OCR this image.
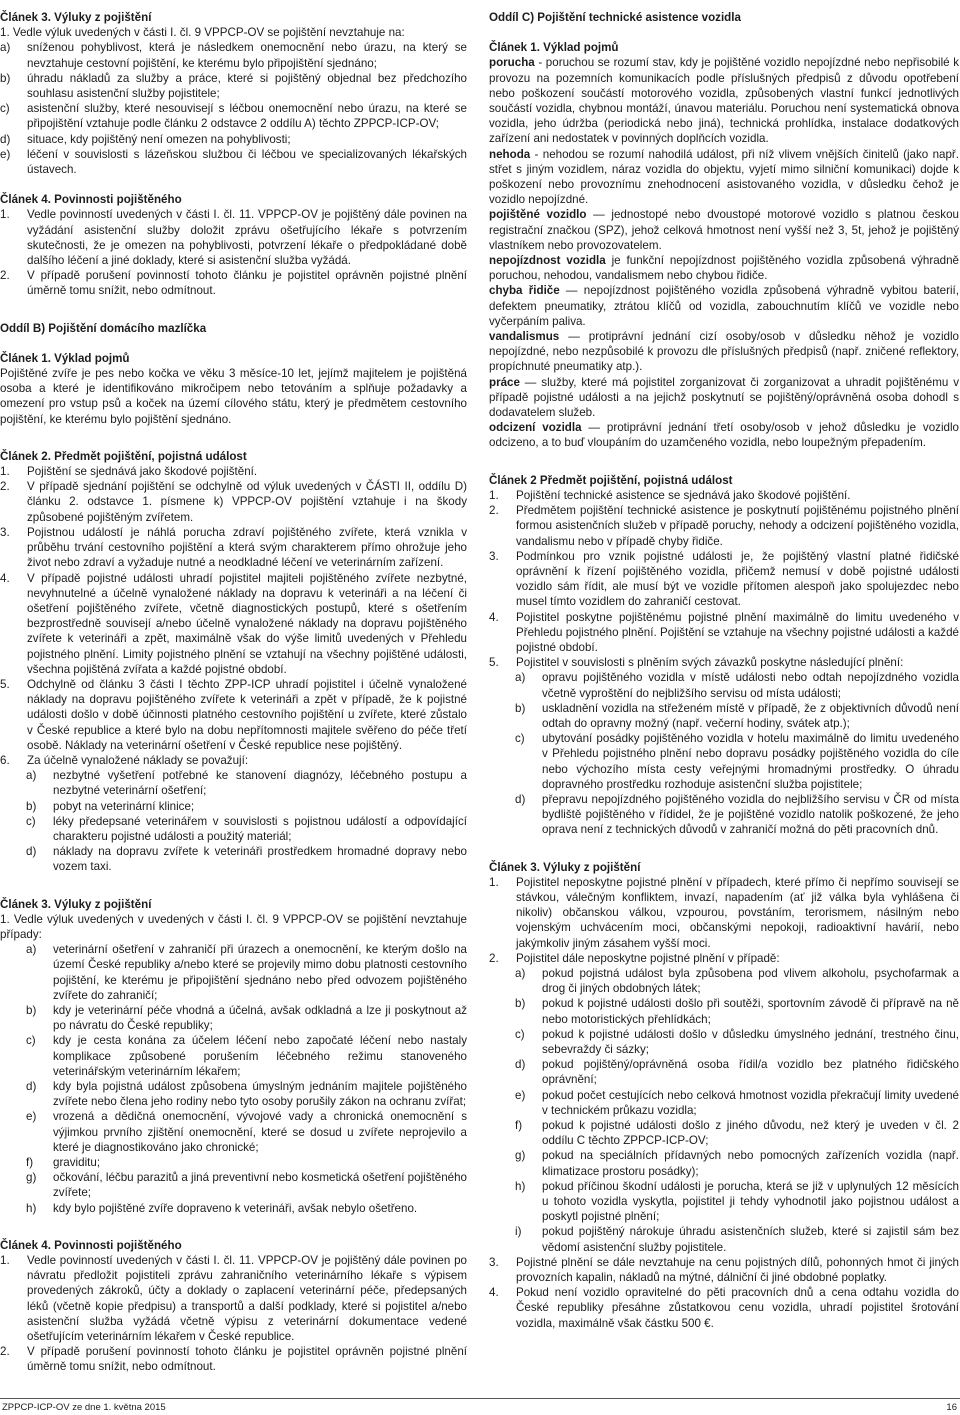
Článek 3. Výluky z pojištění

1. Vedle výluk uvedených v části I. čl. 9 VPPCP-OV se pojištění nevztahuje na:

a) sníženou pohyblivost, která je následkem onemocnění nebo úrazu, na který se nevztahuje cestovní pojištění, ke kterému bylo připojištění sjednáno;

b) úhradu nákladů za služby a práce, které si pojištěný objednal bez předchozího souhlasu asistenční služby pojistitele;

c) asistenční služby, které nesouvisejí s léčbou onemocnění nebo úrazu, na které se připojištění vztahuje podle článku 2 odstavce 2 oddílu A) těchto ZPPCP-ICP-OV;

d) situace, kdy pojištěný není omezen na pohyblivosti;

e) léčení v souvislosti s lázeňskou službou či léčbou ve specializovaných lékařských ústavech.

Článek 4. Povinnosti pojištěného

1. Vedle povinností uvedených v části I. čl. 11. VPPCP-OV je pojištěný dále povinen na vyžádání asistenční služby doložit zprávu ošetřujícího lékaře s potvrzením skutečnosti, že je omezen na pohyblivosti, potvrzení lékaře o předpokládané době dalšího léčení a jiné doklady, které si asistenční služba vyžádá.

2. V případě porušení povinností tohoto článku je pojistitel oprávněn pojistné plnění úměrně tomu snížit, nebo odmítnout.

Oddíl B) Pojištění domácího mazlíčka

Článek 1. Výklad pojmů

Pojištěné zvíře je pes nebo kočka ve věku 3 měsíce-10 let, jejímž majitelem je pojištěná osoba a které je identifikováno mikročipem nebo tetováním a splňuje požadavky a omezení pro vstup psů a koček na území cílového státu, který je předmětem cestovního pojištění, ke kterému bylo pojištění sjednáno.

Článek 2. Předmět pojištění, pojistná událost

1. Pojištění se sjednává jako škodové pojištění.

2. V případě sjednání pojištění se odchylně od výluk uvedených v ČÁSTI II, oddílu D) článku 2. odstavce 1. písmene k) VPPCP-OV pojištění vztahuje i na škody způsobené pojištěným zvířetem.

3. Pojistnou událostí je náhlá porucha zdraví pojištěného zvířete, která vznikla v průběhu trvání cestovního pojištění a která svým charakterem přímo ohrožuje jeho život nebo zdraví a vyžaduje nutné a neodkladné léčení ve veterinárním zařízení.

4. V případě pojistné události uhradí pojistitel majiteli pojištěného zvířete nezbytné, nevyhnutelné a účelně vynaložené náklady na dopravu k veterináři a na léčení či ošetření pojištěného zvířete, včetně diagnostických postupů, které s ošetřením bezprostředně souvisejí a/nebo účelně vynaložené náklady na dopravu pojištěného zvířete k veterináři a zpět, maximálně však do výše limitů uvedených v Přehledu pojistného plnění. Limity pojistného plnění se vztahují na všechny pojištěné události, všechna pojištěná zvířata a každé pojistné období.

5. Odchylně od článku 3 části I těchto ZPP-ICP uhradí pojistitel i účelně vynaložené náklady na dopravu pojištěného zvířete k veterináři a zpět v případě, že k pojistné události došlo v době účinnosti platného cestovního pojištění u zvířete, které zůstalo v České republice a které bylo na dobu nepřítomnosti majitele svěřeno do péče třetí osobě. Náklady na veterinární ošetření v České republice nese pojištěný.

6. Za účelně vynaložené náklady se považují:

a) nezbytné vyšetření potřebné ke stanovení diagnózy, léčebného postupu a nezbytné veterinární ošetření;

b) pobyt na veterinární klinice;

c) léky předepsané veterinářem v souvislosti s pojistnou událostí a odpovídající charakteru pojistné události a použitý materiál;

d) náklady na dopravu zvířete k veterináři prostředkem hromadné dopravy nebo vozem taxi.

Článek 3. Výluky z pojištění

1. Vedle výluk uvedených v uvedených v části I. čl. 9 VPPCP-OV se pojištění nevztahuje případy:

a) veterinární ošetření v zahraničí při úrazech a onemocnění, ke kterým došlo na území České republiky a/nebo které se projevily mimo dobu platnosti cestovního pojištění, ke kterému je připojištění sjednáno nebo před odvozem pojištěného zvířete do zahraničí;

b) kdy je veterinární péče vhodná a účelná, avšak odkladná a lze ji poskytnout až po návratu do České republiky;

c) kdy je cesta konána za účelem léčení nebo započaté léčení nebo nastaly komplikace způsobené porušením léčebného režimu stanoveného veterinářským veterinárním lékařem;

d) kdy byla pojistná událost způsobena úmyslným jednáním majitele pojištěného zvířete nebo člena jeho rodiny nebo tyto osoby porušily zákon na ochranu zvířat;

e) vrozená a dědičná onemocnění, vývojové vady a chronická onemocnění s výjimkou prvního zjištění onemocnění, které se dosud u zvířete neprojevilo a které je diagnostikováno jako chronické;

f) graviditu;

g) očkování, léčbu parazitů a jiná preventivní nebo kosmetická ošetření pojištěného zvířete;

h) kdy bylo pojištěné zvíře dopraveno k veterináři, avšak nebylo ošetřeno.

Článek 4. Povinnosti pojištěného

1. Vedle povinností uvedených v části I. čl. 11. VPPCP-OV je pojištěný dále povinen po návratu předložit pojistiteli zprávu zahraničního veterinárního lékaře s výpisem provedených zákroků, účty a doklady o zaplacení veterinární péče, předepsaných léků (včetně kopie předpisu) a transportů a další podklady, které si pojistitel a/nebo asistenční služba vyžádá včetně výpisu z veterinární dokumentace vedené ošetřujícím veterinárním lékařem v České republice.

2. V případě porušení povinností tohoto článku je pojistitel oprávněn pojistné plnění úměrně tomu snížit, nebo odmítnout.

Oddíl C) Pojištění technické asistence vozidla

Článek 1. Výklad pojmů

porucha - poruchou se rozumí stav, kdy je pojištěné vozidlo nepojízdné nebo nepřisobilé k provozu na pozemních komunikacích podle příslušných předpisů z důvodu opotřebení nebo poškození součástí motorového vozidla, způsobených vlastní funkcí jednotlivých součástí vozidla, chybnou montáží, únavou materiálu. Poruchou není systematická obnova vozidla, jeho údržba (periodická nebo jiná), technická prohlídka, instalace dodatkových zařízení ani nedostatek v povinných doplňcích vozidla.

nehoda - nehodou se rozumí nahodilá událost, při níž vlivem vnějších činitelů (jako např. střet s jiným vozidlem, náraz vozidla do objektu, vyjetí mimo silniční komunikaci) dojde k poškození nebo provoznímu znehodnocení asistovaného vozidla, v důsledku čehož je vozidlo nepojízdné.

pojištěné vozidlo — jednostopé nebo dvoustopé motorové vozidlo s platnou českou registrační značkou (SPZ), jehož celková hmotnost není vyšší než 3, 5t, jehož je pojištěný vlastníkem nebo provozovatelem.

nepojízdnost vozidla je funkční nepojízdnost pojištěného vozidla způsobená výhradně poruchou, nehodou, vandalismem nebo chybou řidiče.

chyba řidiče — nepojízdnost pojištěného vozidla způsobená výhradně vybitou baterií, defektem pneumatiky, ztrátou klíčů od vozidla, zabouchnutím klíčů ve vozidle nebo vyčerpáním paliva.

vandalismus — protiprávní jednání cizí osoby/osob v důsledku něhož je vozidlo nepojízdné, nebo nezpůsobilé k provozu dle příslušných předpisů (např. zničené reflektory, propíchnuté pneumatiky atp.).

práce — služby, které má pojistitel zorganizovat či zorganizovat a uhradit pojištěnému v případě pojistné události a na jejichž poskytnutí se pojištěný/oprávněná osoba dohodl s dodavatelem služeb.

odcizení vozidla — protiprávní jednání třetí osoby/osob v jehož důsledku je vozidlo odcizeno, a to buď vloupáním do uzamčeného vozidla, nebo loupežným přepadením.

Článek 2 Předmět pojištění, pojistná událost

1. Pojištění technické asistence se sjednává jako škodové pojištění.

2. Předmětem pojištění technické asistence je poskytnutí pojištěnému pojistného plnění formou asistenčních služeb v případě poruchy, nehody a odcizení pojištěného vozidla, vandalismu nebo v případě chyby řidiče.

3. Podmínkou pro vznik pojistné události je, že pojištěný vlastní platné řidičské oprávnění k řízení pojištěného vozidla, přičemž nemusí v době pojistné události vozidlo sám řídit, ale musí být ve vozidle přítomen alespoň jako spolujezdec nebo musel tímto vozidlem do zahraničí cestovat.

4. Pojistitel poskytne pojištěnému pojistné plnění maximálně do limitu uvedeného v Přehledu pojistného plnění. Pojištění se vztahuje na všechny pojistné události a každé pojistné období.

5. Pojistitel v souvislosti s plněním svých závazků poskytne následující plnění:

a) opravu pojištěného vozidla v místě události nebo odtah nepojízdného vozidla včetně vyproštění do nejbližšího servisu od místa události;

b) uskladnění vozidla na střeženém místě v případě, že z objektivních důvodů není odtah do opravny možný (např. večerní hodiny, svátek atp.);

c) ubytování posádky pojištěného vozidla v hotelu maximálně do limitu uvedeného v Přehledu pojistného plnění nebo dopravu posádky pojištěného vozidla do cíle nebo výchozího místa cesty veřejnými hromadnými prostředky. O úhradu dopravného prostředku rozhoduje asistenční služba pojistitele;

d) přepravu nepojízdného pojištěného vozidla do nejbližšího servisu v ČR od místa bydliště pojištěného v řídidel, že je pojištěné vozidlo natolik poškozené, že jeho oprava není z technických důvodů v zahraničí možná do pěti pracovních dnů.

Článek 3. Výluky z pojištění

1. Pojistitel neposkytne pojistné plnění v případech, které přímo či nepřímo souvisejí se stávkou, válečným konfliktem, invazí, napadením (ať již válka byla vyhlášena či nikoliv) občanskou válkou, vzpourou, povstáním, terorismem, násilným nebo vojenským uchvácením moci, občanskými nepokoji, radioaktivní havárií, nebo jakýmkoliv jiným zásahem vyšší moci.

2. Pojistitel dále neposkytne pojistné plnění v případě:

a) pokud pojistná událost byla způsobena pod vlivem alkoholu, psychofarmak a drog či jiných obdobných látek;

b) pokud k pojistné události došlo při soutěži, sportovním závodě či přípravě na ně nebo motoristických přehlídkách;

c) pokud k pojistné události došlo v důsledku úmyslného jednání, trestného činu, sebevraždy či sázky;

d) pokud pojištěný/oprávněná osoba řídil/a vozidlo bez platného řidičského oprávnění;

e) pokud počet cestujících nebo celková hmotnost vozidla překračují limity uvedené v technickém průkazu vozidla;

f) pokud k pojistné události došlo z jiného důvodu, než který je uveden v čl. 2 oddílu C těchto ZPPCP-ICP-OV;

g) pokud na speciálních přídavných nebo pomocných zařízeních vozidla (např. klimatizace prostoru posádky);

h) pokud příčinou škodní události je porucha, která se již v uplynulých 12 měsících u tohoto vozidla vyskytla, pojistitel ji tehdy vyhodnotil jako pojistnou událost a poskytl pojistné plnění;

i) pokud pojištěný nárokuje úhradu asistenčních služeb, které si zajistil sám bez vědomí asistenční služby pojistitele.

3. Pojistné plnění se dále nevztahuje na cenu pojistných dílů, pohonných hmot či jiných provozních kapalin, nákladů na mýtné, dálniční či jiné obdobné poplatky.

4. Pokud není vozidlo opravitelné do pěti pracovních dnů a cena odtahu vozidla do České republiky přesáhne zůstatkovou cenu vozidla, uhradí pojistitel šrotování vozidla, maximálně však částku 500 €.

ZPPCP-ICP-OV ze dne 1. května 2015	16
